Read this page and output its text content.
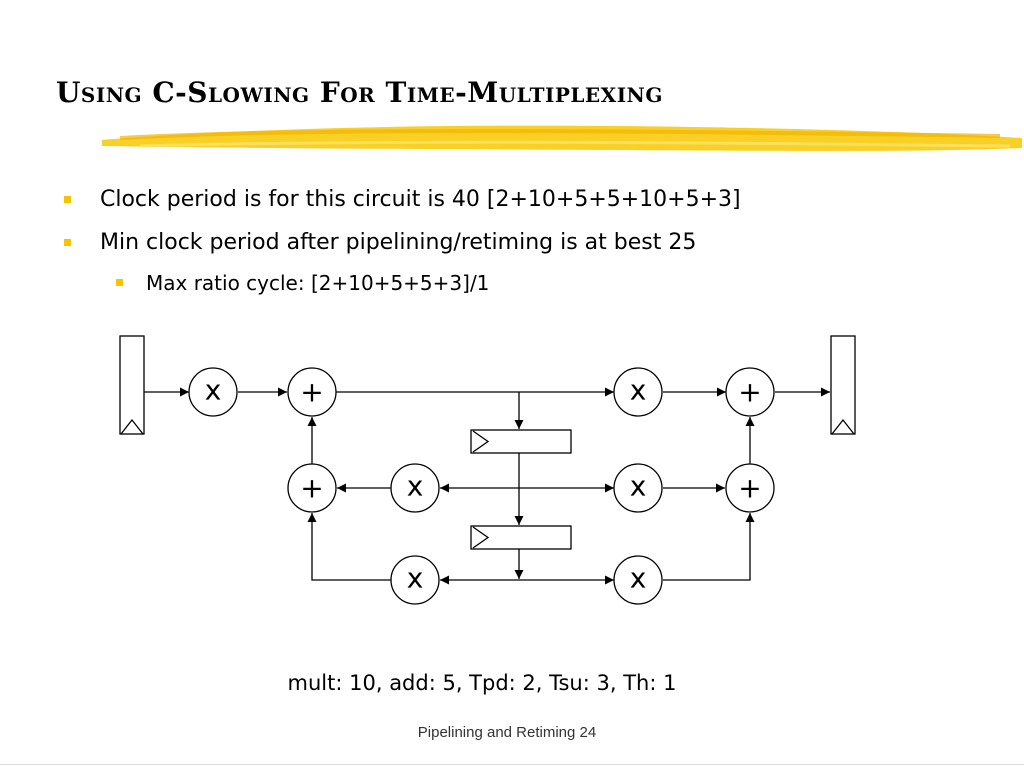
Using C-Slowing For Time-Multiplexing
Clock period is for this circuit is 40 [2+10+5+5+10+5+3]
Min clock period after pipelining/retiming is at best 25
Max ratio cycle: [2+10+5+5+3]/1
x	+	x	+
+	x	x	+
x	x
mult: 10, add: 5, Tpd: 2, Tsu: 3, Th: 1
Pipelining and Retiming 24
